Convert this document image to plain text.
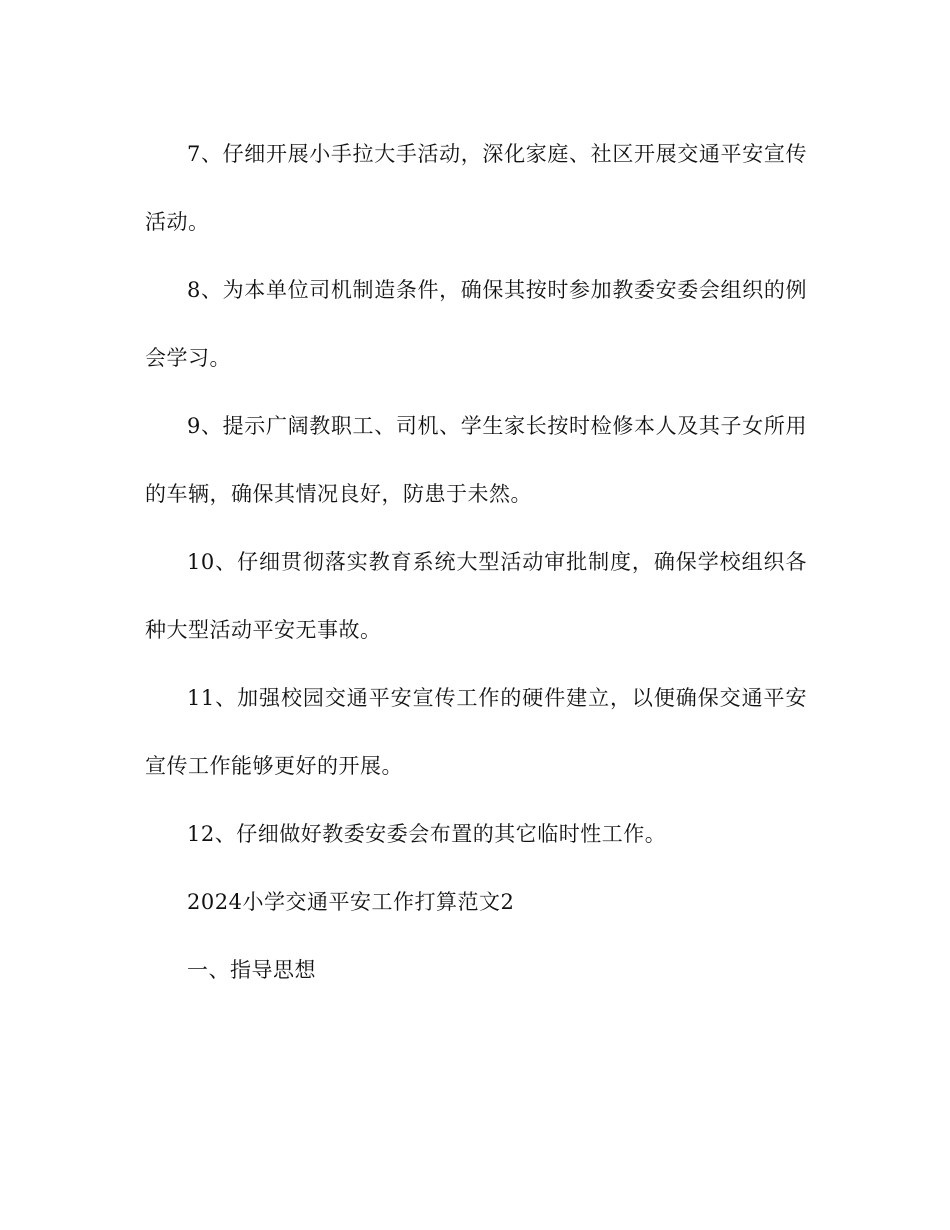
7、仔细开展小手拉大手活动，深化家庭、社区开展交通平安宣传活动。

8、为本单位司机制造条件，确保其按时参加教委安委会组织的例会学习。

9、提示广阔教职工、司机、学生家长按时检修本人及其子女所用的车辆，确保其情况良好，防患于未然。

10、仔细贯彻落实教育系统大型活动审批制度，确保学校组织各种大型活动平安无事故。

11、加强校园交通平安宣传工作的硬件建立，以便确保交通平安宣传工作能够更好的开展。

12、仔细做好教委安委会布置的其它临时性工作。

2024小学交通平安工作打算范文2

一、指导思想
